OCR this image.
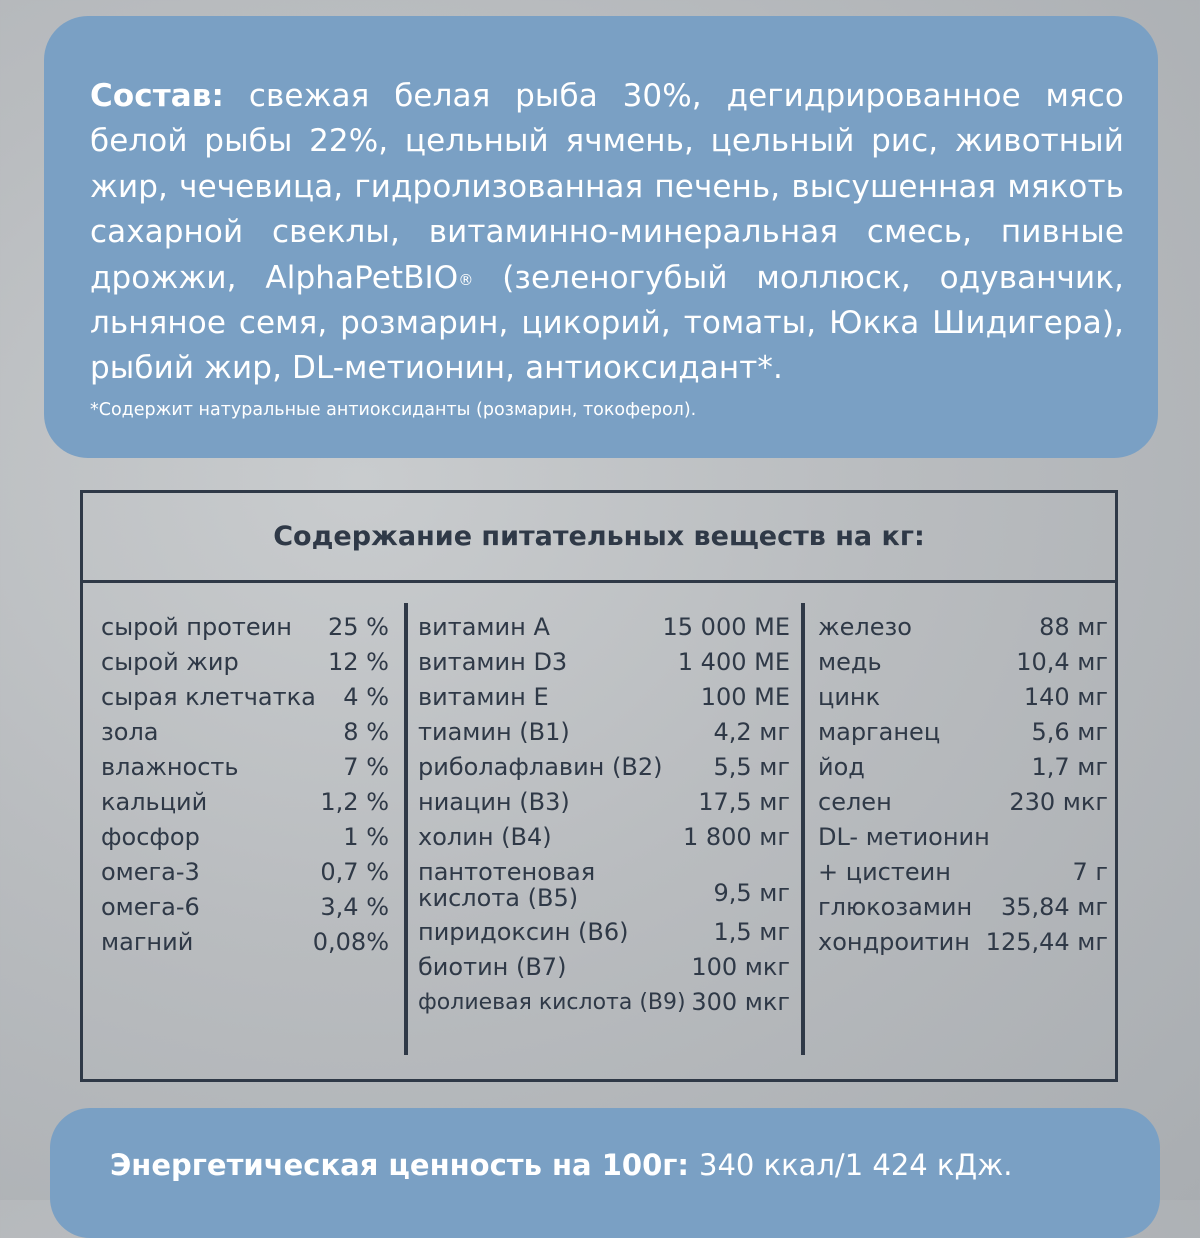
Состав: свежая белая рыба 30%, дегидрированное мясо белой рыбы 22%, цельный ячмень, цельный рис, животный жир, чечевица, гидролизованная печень, высушенная мякоть сахарной свеклы, витаминно-минеральная смесь, пивные дрожжи, AlphaPetBIO® (зеленогубый моллюск, одуванчик, льняное семя, розмарин, цикорий, томаты, Юкка Шидигера), рыбий жир, DL-метионин, антиоксидант*.

*Содержит натуральные антиоксиданты (розмарин, токоферол).

Содержание питательных веществ на кг:
сырой протеин 25 %
сырой жир	12 %
сырая клетчатка 4 %
зола	8 %
влажность	7 %
кальций	1,2 %
фосфор	1 %
омега-3	0,7 %
омега-6	3,4 %
магний	0,08%
витамин А	15 000 МЕ
витамин D3	1 400 МЕ
витамин Е	100 МЕ
тиамин (В1)	4,2 мг
риболафлавин (В2) 5,5 мг
ниацин (В3)	17,5 мг
холин (В4)	1 800 мг
пантотеновая кислота (В5)	9,5 мг
пиридоксин (В6)	1,5 мг
биотин (В7)	100 мкг
фолиевая кислота (В9) 300 мкг
железо	88 мг
медь	10,4 мг
цинк	140 мг
марганец	5,6 мг
йод	1,7 мг
селен	230 мкг
DL- метионин
+ цистеин	7 г
глюкозамин 35,84 мг
хондроитин 125,44 мг
Энергетическая ценность на 100г: 340 ккал/1 424 кДж.
